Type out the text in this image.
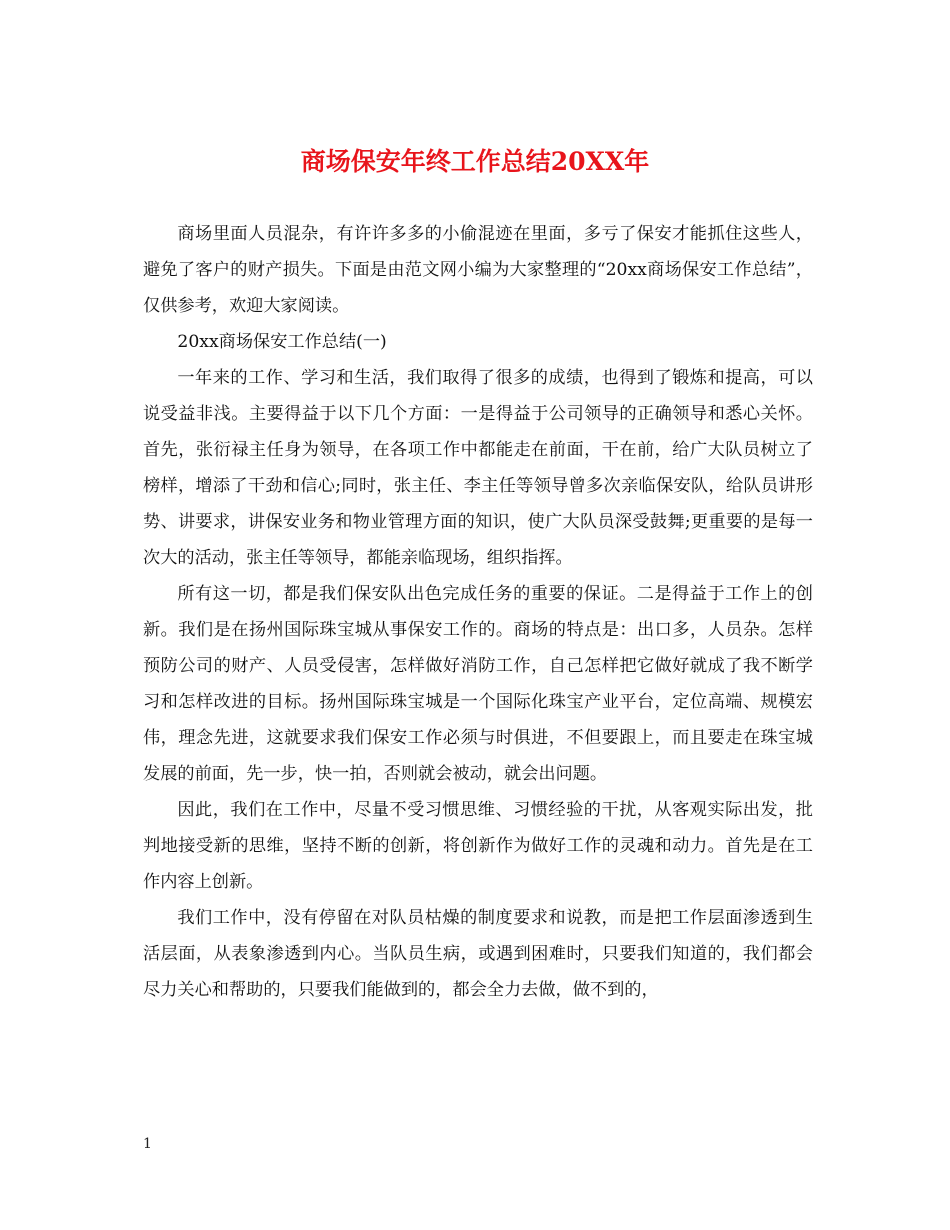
商场保安年终工作总结20XX年

商场里面人员混杂，有许许多多的小偷混迹在里面，多亏了保安才能抓住这些人，避免了客户的财产损失。下面是由范文网小编为大家整理的“20xx商场保安工作总结”，仅供参考，欢迎大家阅读。

20xx商场保安工作总结(一)

一年来的工作、学习和生活，我们取得了很多的成绩，也得到了锻炼和提高，可以说受益非浅。主要得益于以下几个方面：一是得益于公司领导的正确领导和悉心关怀。首先，张衍禄主任身为领导，在各项工作中都能走在前面，干在前，给广大队员树立了榜样，增添了干劲和信心;同时，张主任、李主任等领导曾多次亲临保安队，给队员讲形势、讲要求，讲保安业务和物业管理方面的知识，使广大队员深受鼓舞;更重要的是每一次大的活动，张主任等领导，都能亲临现场，组织指挥。

所有这一切，都是我们保安队出色完成任务的重要的保证。二是得益于工作上的创新。我们是在扬州国际珠宝城从事保安工作的。商场的特点是：出口多，人员杂。怎样预防公司的财产、人员受侵害，怎样做好消防工作，自己怎样把它做好就成了我不断学习和怎样改进的目标。扬州国际珠宝城是一个国际化珠宝产业平台，定位高端、规模宏伟，理念先进，这就要求我们保安工作必须与时俱进，不但要跟上，而且要走在珠宝城发展的前面，先一步，快一拍，否则就会被动，就会出问题。

因此，我们在工作中，尽量不受习惯思维、习惯经验的干扰，从客观实际出发，批判地接受新的思维，坚持不断的创新，将创新作为做好工作的灵魂和动力。首先是在工作内容上创新。

我们工作中，没有停留在对队员枯燥的制度要求和说教，而是把工作层面渗透到生活层面，从表象渗透到内心。当队员生病，或遇到困难时，只要我们知道的，我们都会尽力关心和帮助的，只要我们能做到的，都会全力去做，做不到的，

1
